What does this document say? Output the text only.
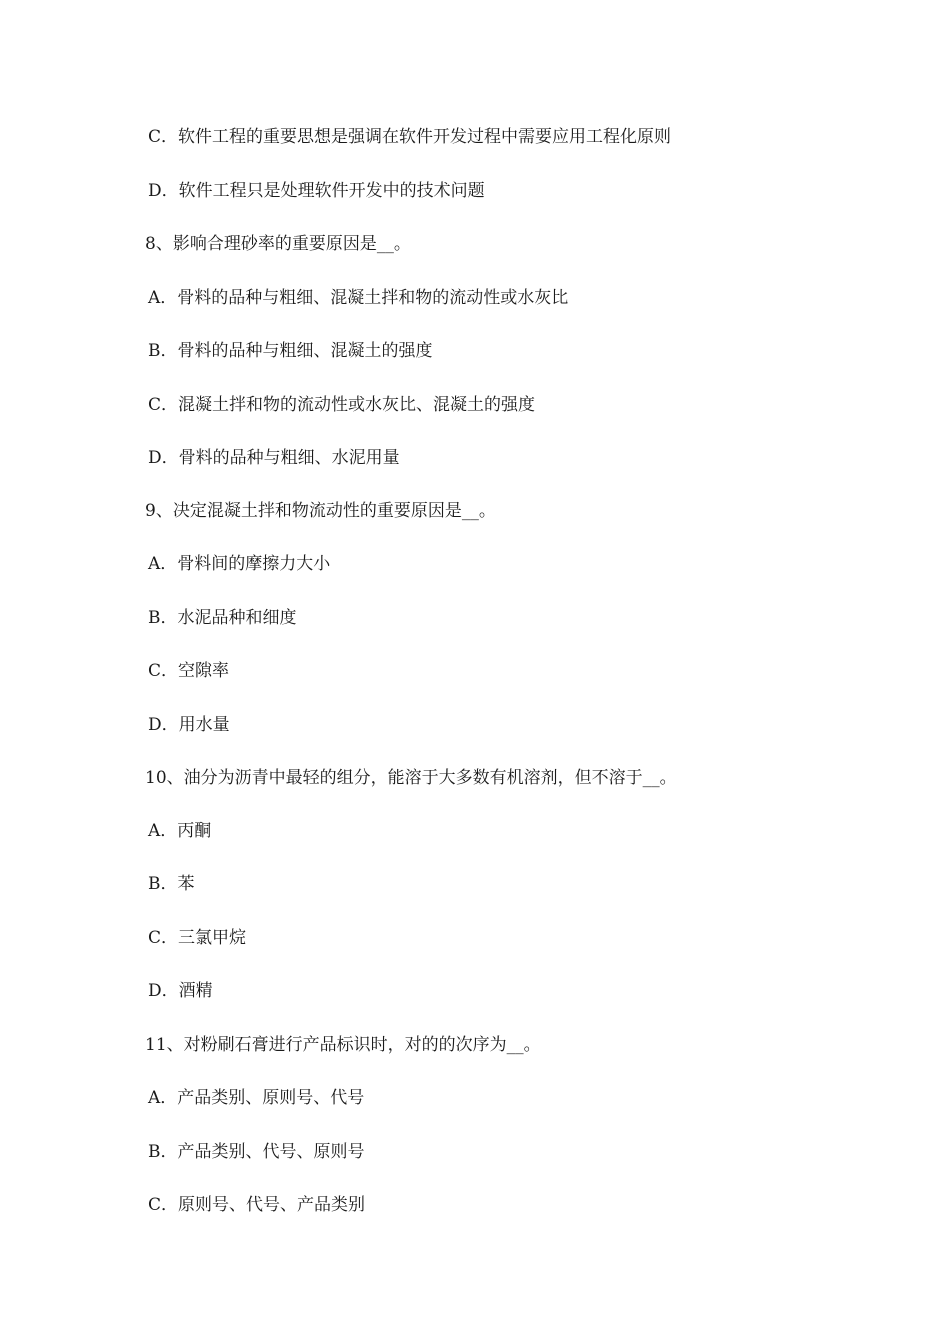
C．软件工程的重要思想是强调在软件开发过程中需要应用工程化原则
D．软件工程只是处理软件开发中的技术问题
8、影响合理砂率的重要原因是__。
A．骨料的品种与粗细、混凝土拌和物的流动性或水灰比
B．骨料的品种与粗细、混凝土的强度
C．混凝土拌和物的流动性或水灰比、混凝土的强度
D．骨料的品种与粗细、水泥用量
9、决定混凝土拌和物流动性的重要原因是__。
A．骨料间的摩擦力大小
B．水泥品种和细度
C．空隙率
D．用水量
10、油分为沥青中最轻的组分，能溶于大多数有机溶剂，但不溶于__。
A．丙酮
B．苯
C．三氯甲烷
D．酒精
11、对粉刷石膏进行产品标识时，对的的次序为__。
A．产品类别、原则号、代号
B．产品类别、代号、原则号
C．原则号、代号、产品类别
